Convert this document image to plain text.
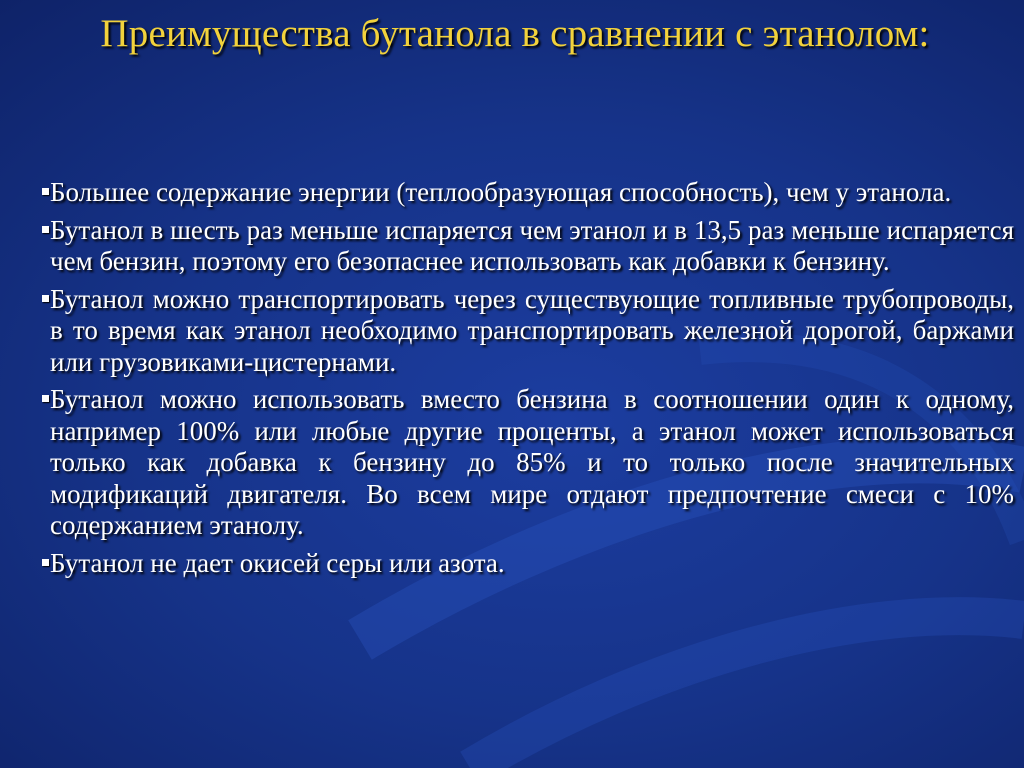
Преимущества бутанола в сравнении с этанолом:
Большее содержание энергии (теплообразующая способность), чем у этанола.
Бутанол в шесть раз меньше испаряется чем этанол и в 13,5 раз меньше испаряется чем бензин, поэтому его безопаснее использовать как добавки к бензину.
Бутанол можно транспортировать через существующие топливные трубопроводы, в то время как этанол необходимо транспортировать железной дорогой, баржами или грузовиками-цистернами.
Бутанол можно использовать вместо бензина в соотношении один к одному, например 100% или любые другие проценты, а этанол может использоваться только как добавка к бензину до 85% и то только после значительных модификаций двигателя. Во всем мире отдают предпочтение смеси с 10% содержанием этанолу.
Бутанол не дает окисей серы или азота.
